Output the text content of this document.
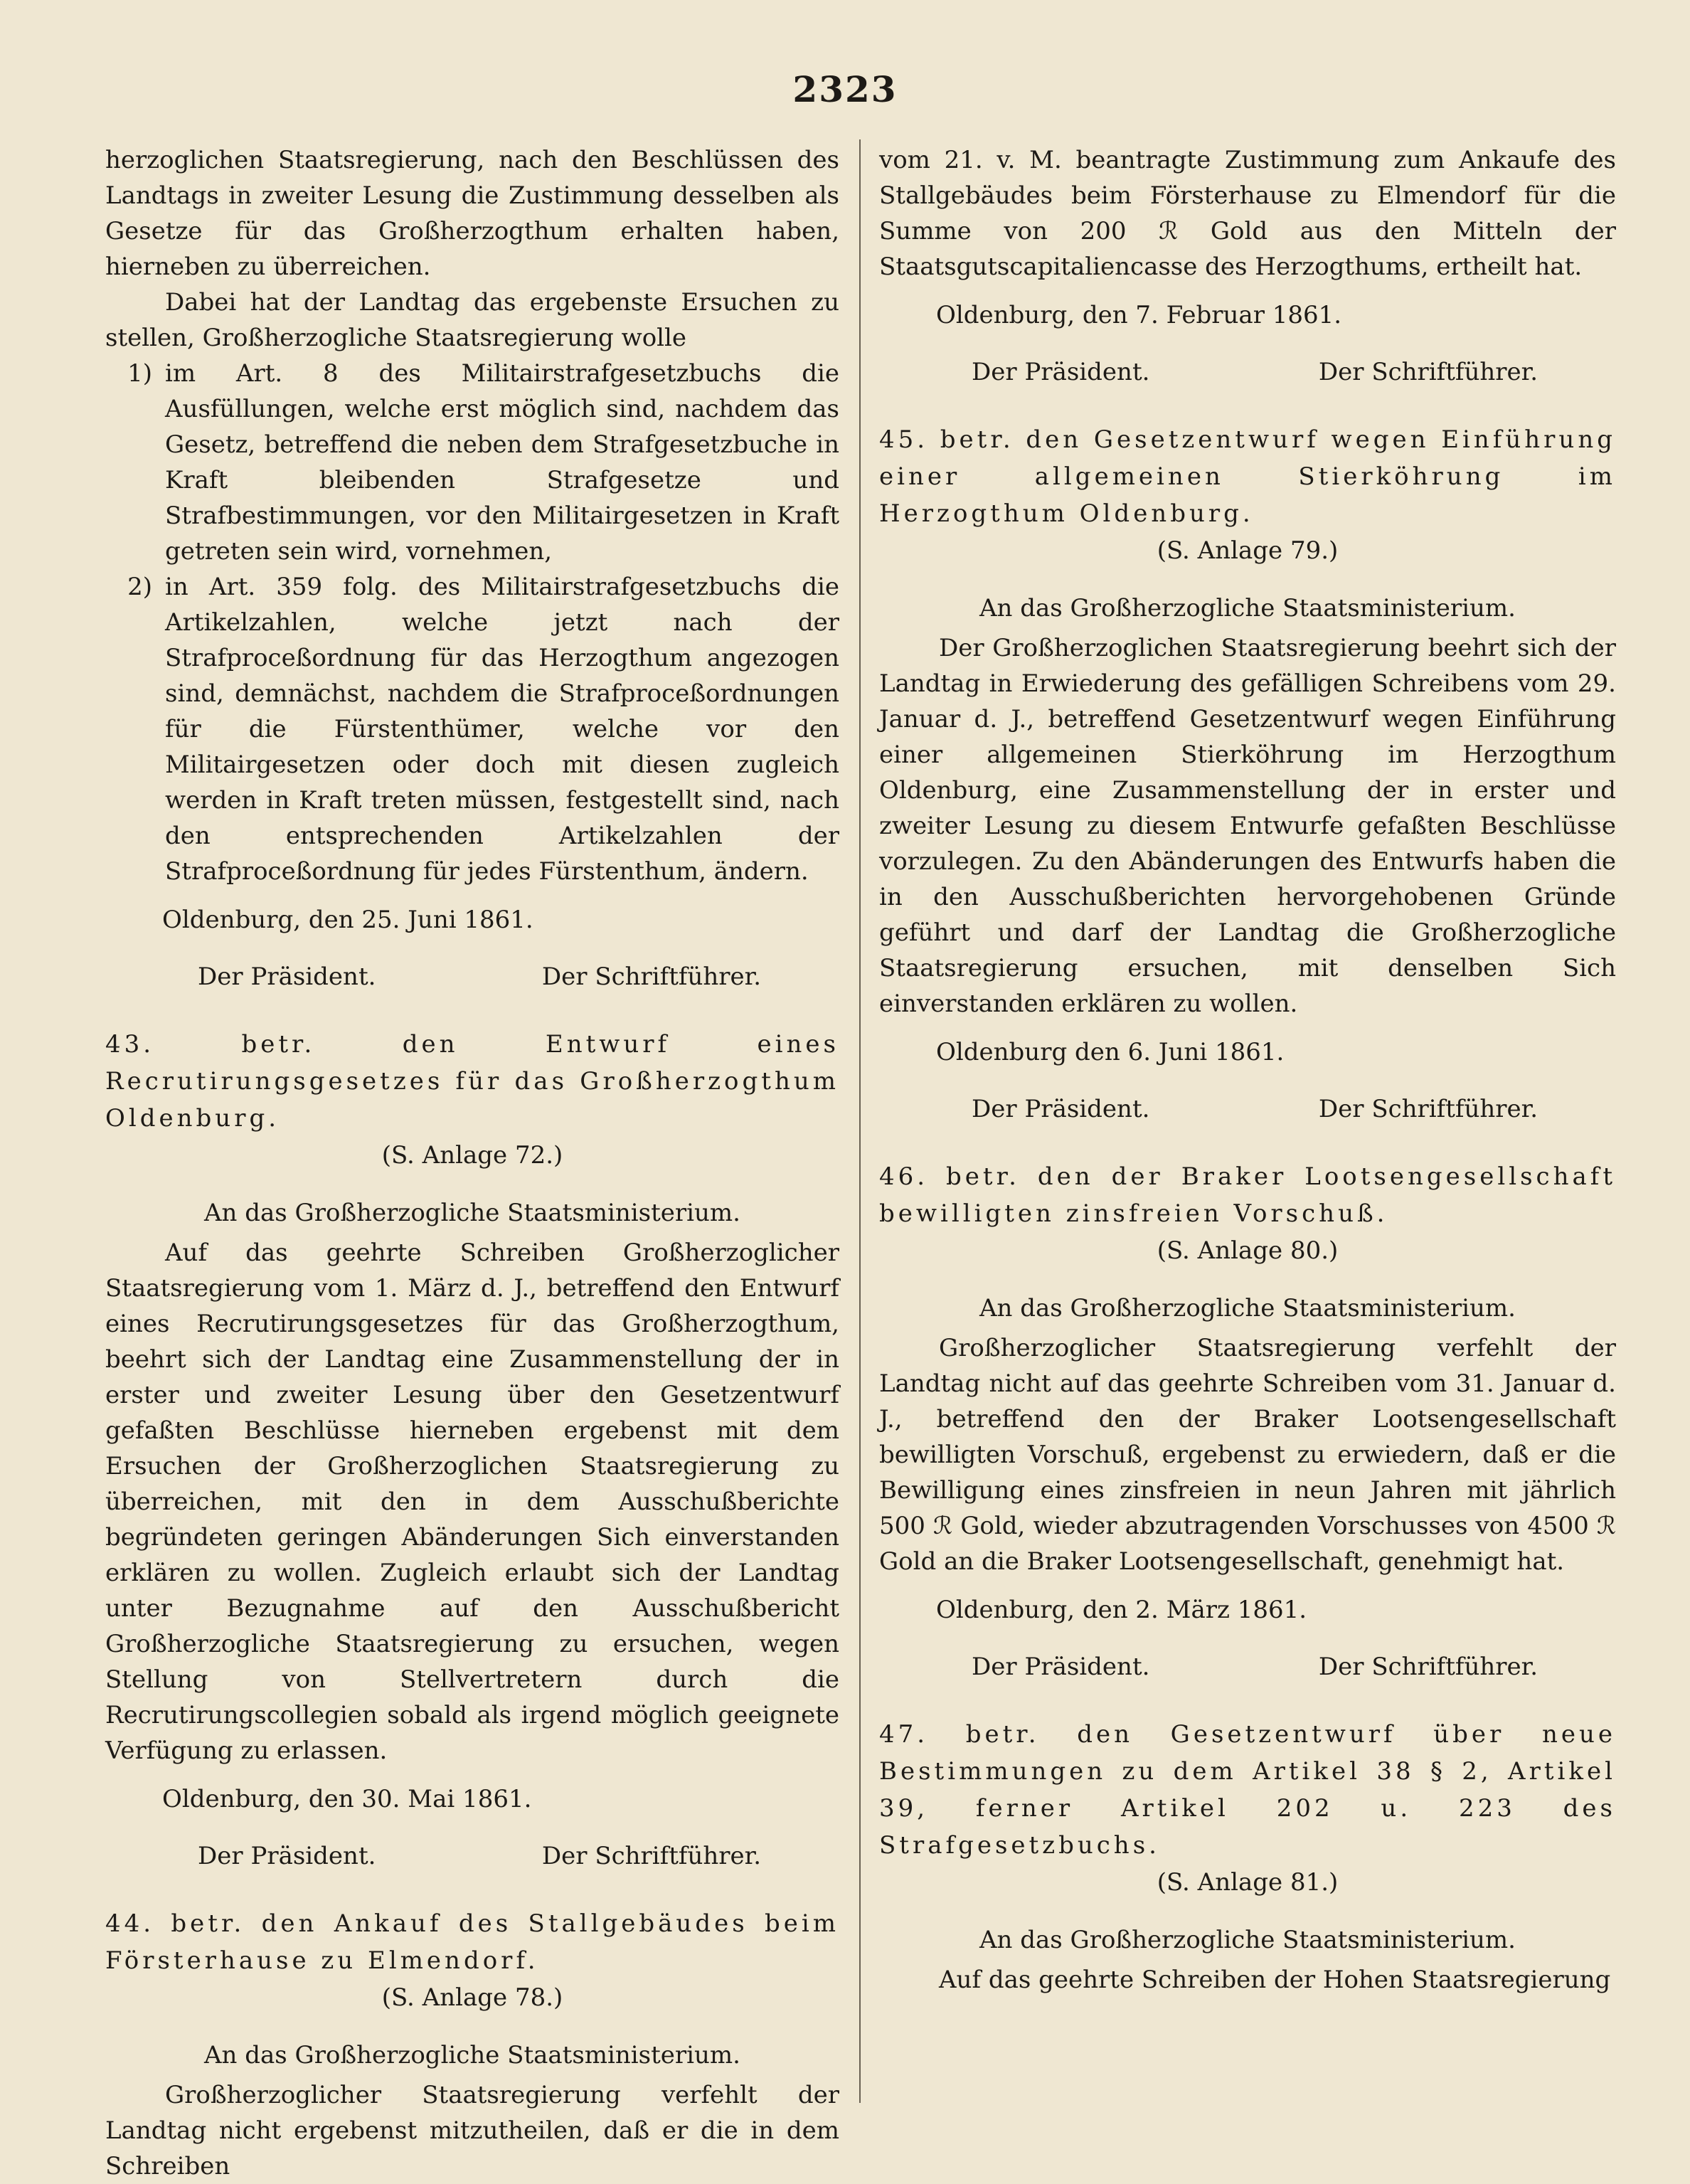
2323

herzoglichen Staatsregierung, nach den Beschlüssen des Landtags in zweiter Lesung die Zustimmung desselben als Gesetze für das Großherzogthum erhalten haben, hierneben zu überreichen.

Dabei hat der Landtag das ergebenste Ersuchen zu stellen, Großherzogliche Staatsregierung wolle

1) im Art. 8 des Militairstrafgesetzbuchs die Ausfüllungen, welche erst möglich sind, nachdem das Gesetz, betreffend die neben dem Strafgesetzbuche in Kraft bleibenden Strafgesetze und Strafbestimmungen, vor den Militairgesetzen in Kraft getreten sein wird, vornehmen,
2) in Art. 359 folg. des Militairstrafgesetzbuchs die Artikelzahlen, welche jetzt nach der Strafproceßordnung für das Herzogthum angezogen sind, demnächst, nachdem die Strafproceßordnungen für die Fürstenthümer, welche vor den Militairgesetzen oder doch mit diesen zugleich werden in Kraft treten müssen, festgestellt sind, nach den entsprechenden Artikelzahlen der Strafproceßordnung für jedes Fürstenthum, ändern.
Oldenburg, den 25. Juni 1861.
Der Präsident.	Der Schriftführer.
43. betr. den Entwurf eines Recrutirungsgesetzes für das Großherzogthum Oldenburg.
(S. Anlage 72.)
An das Großherzogliche Staatsministerium.

Auf das geehrte Schreiben Großherzoglicher Staatsregierung vom 1. März d. J., betreffend den Entwurf eines Recrutirungsgesetzes für das Großherzogthum, beehrt sich der Landtag eine Zusammenstellung der in erster und zweiter Lesung über den Gesetzentwurf gefaßten Beschlüsse hierneben ergebenst mit dem Ersuchen der Großherzoglichen Staatsregierung zu überreichen, mit den in dem Ausschußberichte begründeten geringen Abänderungen Sich einverstanden erklären zu wollen. Zugleich erlaubt sich der Landtag unter Bezugnahme auf den Ausschußbericht Großherzogliche Staatsregierung zu ersuchen, wegen Stellung von Stellvertretern durch die Recrutirungscollegien sobald als irgend möglich geeignete Verfügung zu erlassen.

Oldenburg, den 30. Mai 1861.
Der Präsident.	Der Schriftführer.
44. betr. den Ankauf des Stallgebäudes beim Försterhause zu Elmendorf.
(S. Anlage 78.)
An das Großherzogliche Staatsministerium.

Großherzoglicher Staatsregierung verfehlt der Landtag nicht ergebenst mitzutheilen, daß er die in dem Schreiben

vom 21. v. M. beantragte Zustimmung zum Ankaufe des Stallgebäudes beim Försterhause zu Elmendorf für die Summe von 200 ℛ Gold aus den Mitteln der Staatsgutscapitaliencasse des Herzogthums, ertheilt hat.

Oldenburg, den 7. Februar 1861.
Der Präsident.	Der Schriftführer.
45. betr. den Gesetzentwurf wegen Einführung einer allgemeinen Stierköhrung im Herzogthum Oldenburg.
(S. Anlage 79.)
An das Großherzogliche Staatsministerium.

Der Großherzoglichen Staatsregierung beehrt sich der Landtag in Erwiederung des gefälligen Schreibens vom 29. Januar d. J., betreffend Gesetzentwurf wegen Einführung einer allgemeinen Stierköhrung im Herzogthum Oldenburg, eine Zusammenstellung der in erster und zweiter Lesung zu diesem Entwurfe gefaßten Beschlüsse vorzulegen. Zu den Abänderungen des Entwurfs haben die in den Ausschußberichten hervorgehobenen Gründe geführt und darf der Landtag die Großherzogliche Staatsregierung ersuchen, mit denselben Sich einverstanden erklären zu wollen.

Oldenburg den 6. Juni 1861.
Der Präsident.	Der Schriftführer.
46. betr. den der Braker Lootsengesellschaft bewilligten zinsfreien Vorschuß.
(S. Anlage 80.)
An das Großherzogliche Staatsministerium.

Großherzoglicher Staatsregierung verfehlt der Landtag nicht auf das geehrte Schreiben vom 31. Januar d. J., betreffend den der Braker Lootsengesellschaft bewilligten Vorschuß, ergebenst zu erwiedern, daß er die Bewilligung eines zinsfreien in neun Jahren mit jährlich 500 ℛ Gold, wieder abzutragenden Vorschusses von 4500 ℛ Gold an die Braker Lootsengesellschaft, genehmigt hat.

Oldenburg, den 2. März 1861.
Der Präsident.	Der Schriftführer.
47. betr. den Gesetzentwurf über neue Bestimmungen zu dem Artikel 38 § 2, Artikel 39, ferner Artikel 202 u. 223 des Strafgesetzbuchs.
(S. Anlage 81.)
An das Großherzogliche Staatsministerium.

Auf das geehrte Schreiben der Hohen Staatsregierung
